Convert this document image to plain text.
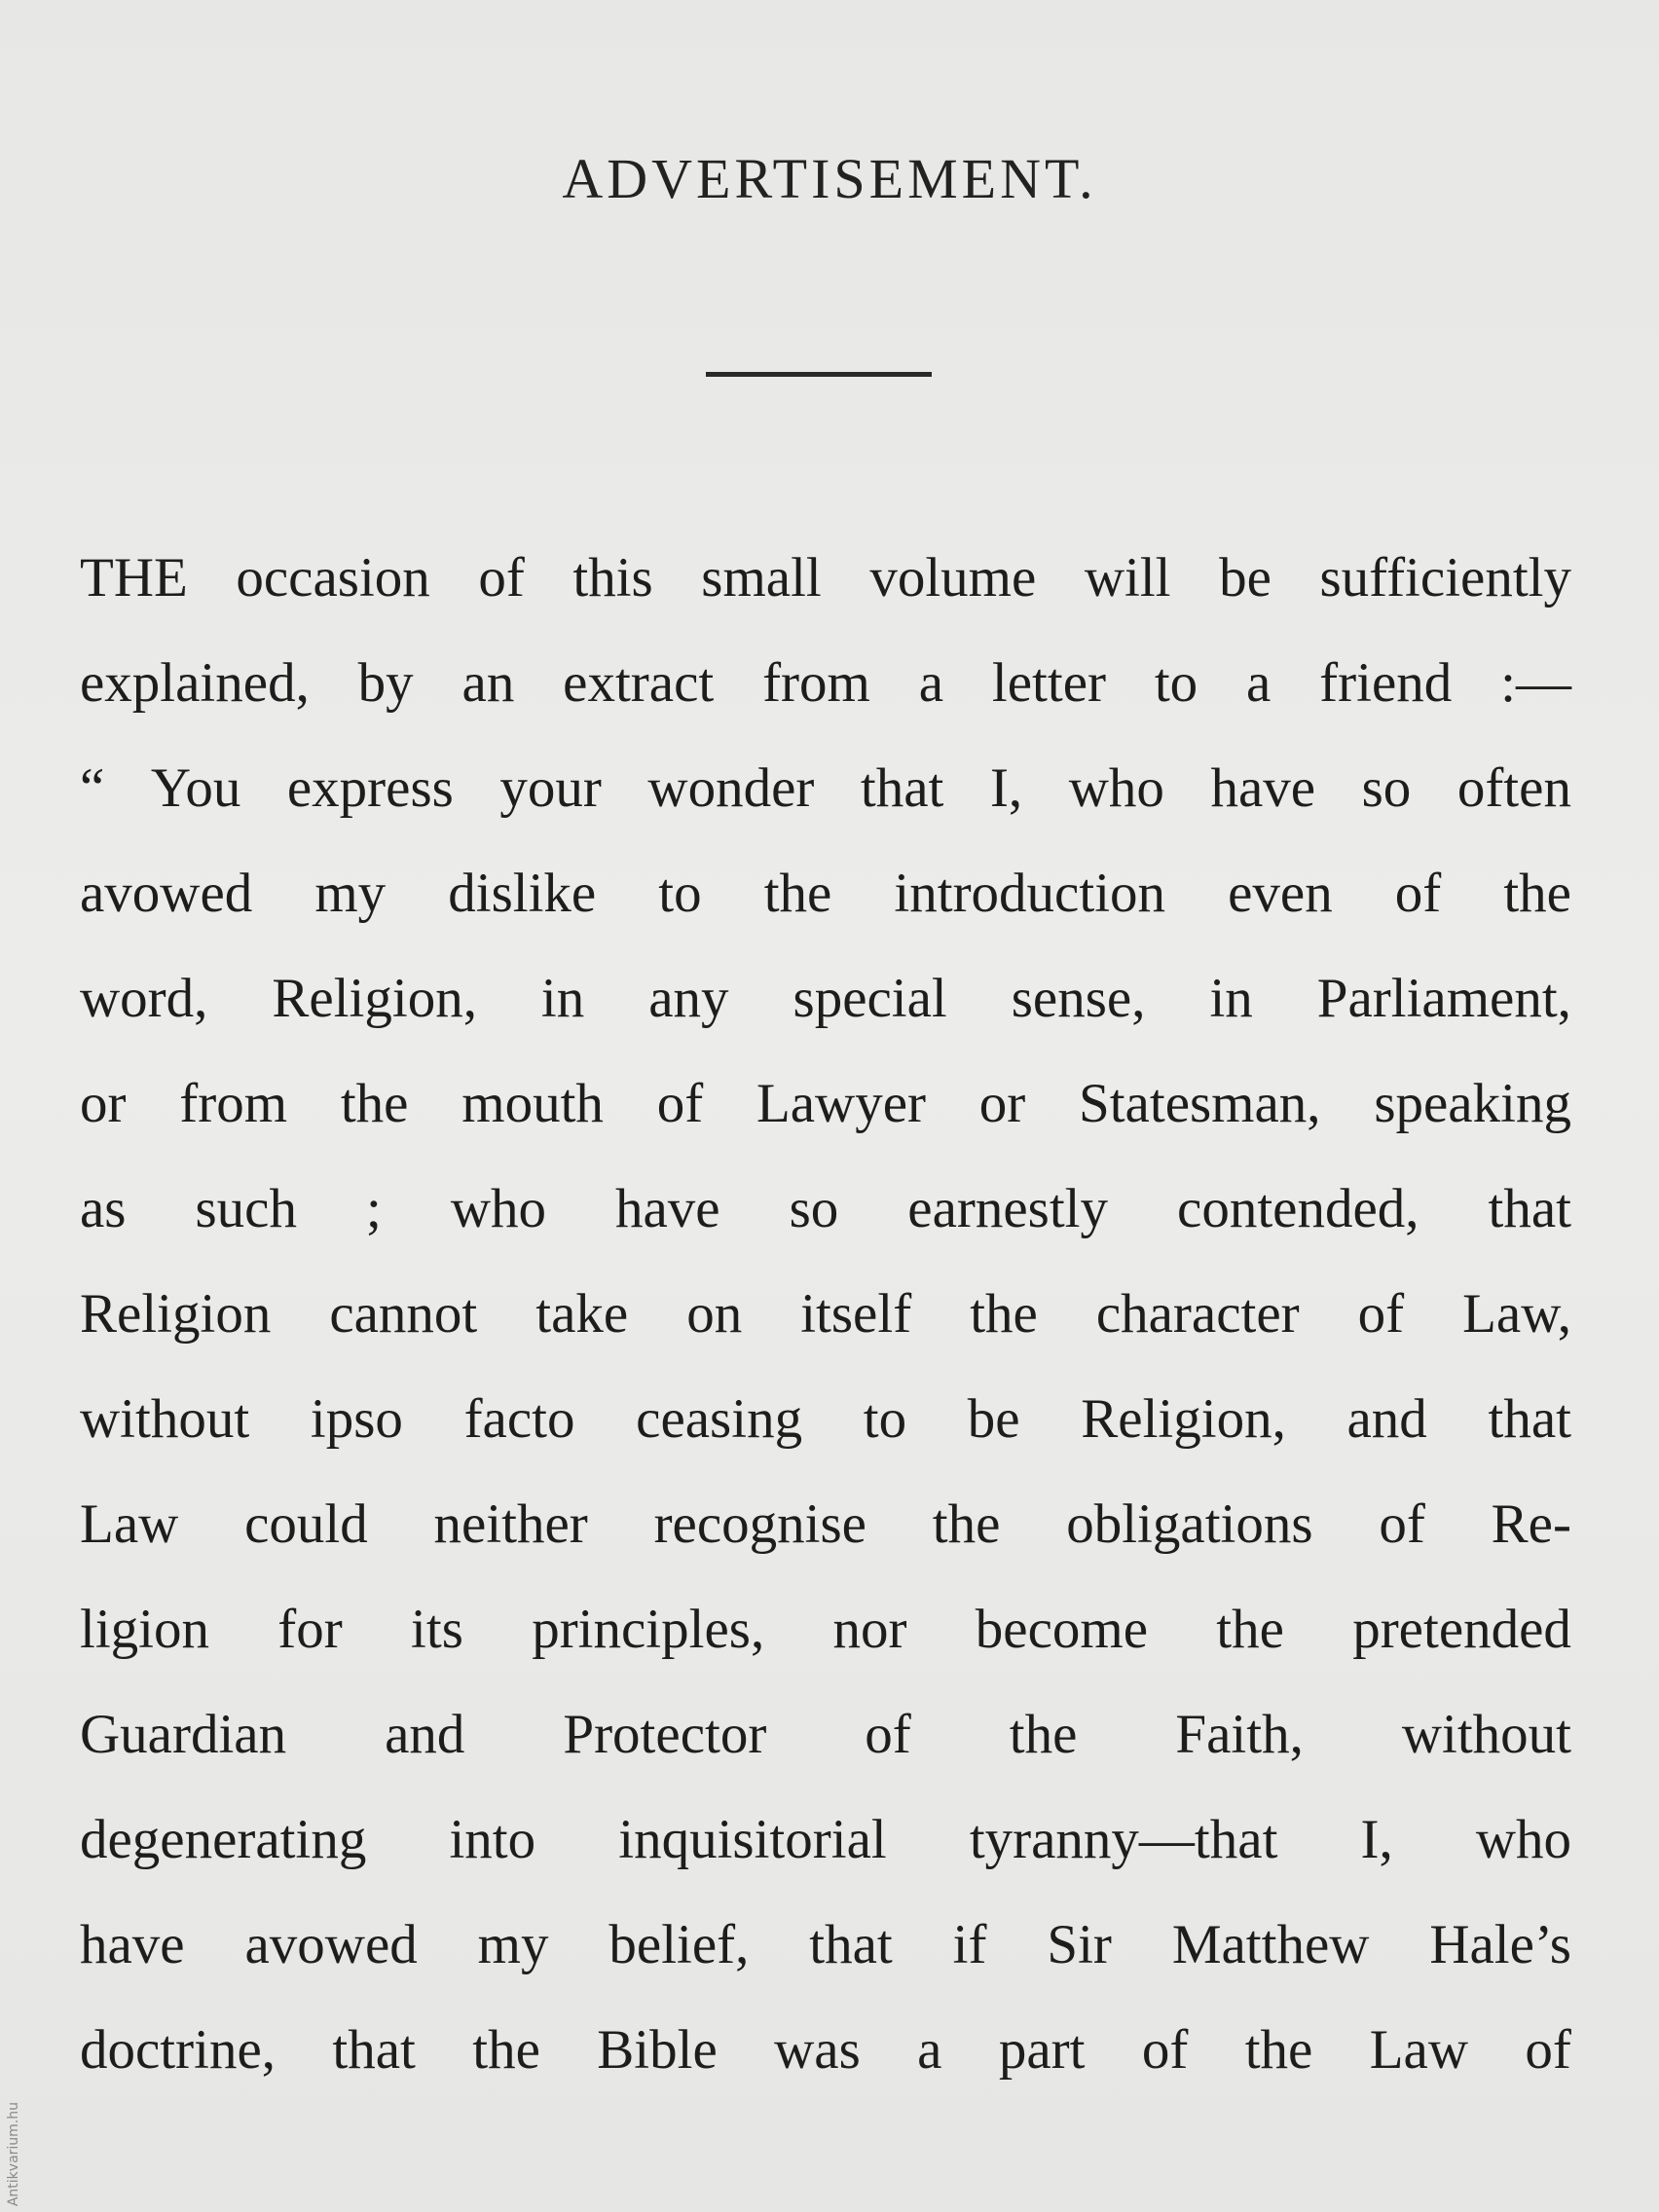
ADVERTISEMENT.
THE occasion of this small volume will be sufficiently
explained, by an extract from a letter to a friend :—
“ You express your wonder that I, who have so often
avowed my dislike to the introduction even of the
word, Religion, in any special sense, in Parliament,
or from the mouth of Lawyer or Statesman, speaking
as such ; who have so earnestly contended, that
Religion cannot take on itself the character of Law,
without ipso facto ceasing to be Religion, and that
Law could neither recognise the obligations of Re-
ligion for its principles, nor become the pretended
Guardian and Protector of the Faith, without
degenerating into inquisitorial tyranny—that I, who
have avowed my belief, that if Sir Matthew Hale’s
doctrine, that the Bible was a part of the Law of
Antikvarium.hu
